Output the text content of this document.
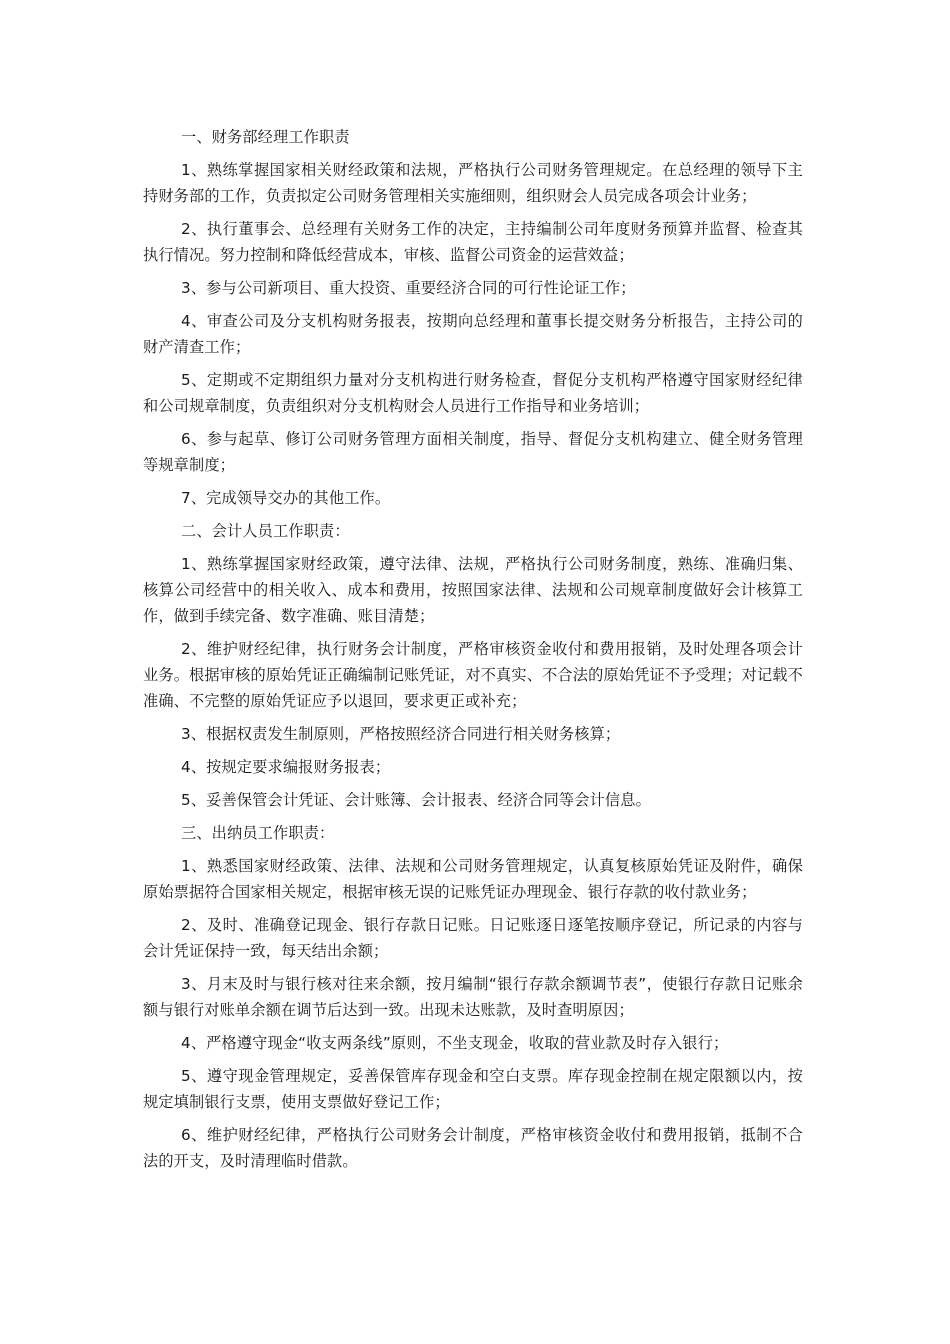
一、财务部经理工作职责

1、熟练掌握国家相关财经政策和法规，严格执行公司财务管理规定。在总经理的领导下主持财务部的工作，负责拟定公司财务管理相关实施细则，组织财会人员完成各项会计业务；

2、执行董事会、总经理有关财务工作的决定，主持编制公司年度财务预算并监督、检查其执行情况。努力控制和降低经营成本，审核、监督公司资金的运营效益；

3、参与公司新项目、重大投资、重要经济合同的可行性论证工作；

4、审查公司及分支机构财务报表，按期向总经理和董事长提交财务分析报告，主持公司的财产清查工作；

5、定期或不定期组织力量对分支机构进行财务检查，督促分支机构严格遵守国家财经纪律和公司规章制度，负责组织对分支机构财会人员进行工作指导和业务培训；

6、参与起草、修订公司财务管理方面相关制度，指导、督促分支机构建立、健全财务管理等规章制度；

7、完成领导交办的其他工作。

二、会计人员工作职责：

1、熟练掌握国家财经政策，遵守法律、法规，严格执行公司财务制度，熟练、准确归集、核算公司经营中的相关收入、成本和费用，按照国家法律、法规和公司规章制度做好会计核算工作，做到手续完备、数字准确、账目清楚；

2、维护财经纪律，执行财务会计制度，严格审核资金收付和费用报销，及时处理各项会计业务。根据审核的原始凭证正确编制记账凭证，对不真实、不合法的原始凭证不予受理；对记载不准确、不完整的原始凭证应予以退回，要求更正或补充；

3、根据权责发生制原则，严格按照经济合同进行相关财务核算；

4、按规定要求编报财务报表；

5、妥善保管会计凭证、会计账簿、会计报表、经济合同等会计信息。

三、出纳员工作职责：

1、熟悉国家财经政策、法律、法规和公司财务管理规定，认真复核原始凭证及附件，确保原始票据符合国家相关规定，根据审核无误的记账凭证办理现金、银行存款的收付款业务；

2、及时、准确登记现金、银行存款日记账。日记账逐日逐笔按顺序登记，所记录的内容与会计凭证保持一致，每天结出余额；

3、月末及时与银行核对往来余额，按月编制“银行存款余额调节表”，使银行存款日记账余额与银行对账单余额在调节后达到一致。出现未达账款，及时查明原因；

4、严格遵守现金“收支两条线”原则，不坐支现金，收取的营业款及时存入银行；

5、遵守现金管理规定，妥善保管库存现金和空白支票。库存现金控制在规定限额以内，按规定填制银行支票，使用支票做好登记工作；

6、维护财经纪律，严格执行公司财务会计制度，严格审核资金收付和费用报销，抵制不合法的开支，及时清理临时借款。
